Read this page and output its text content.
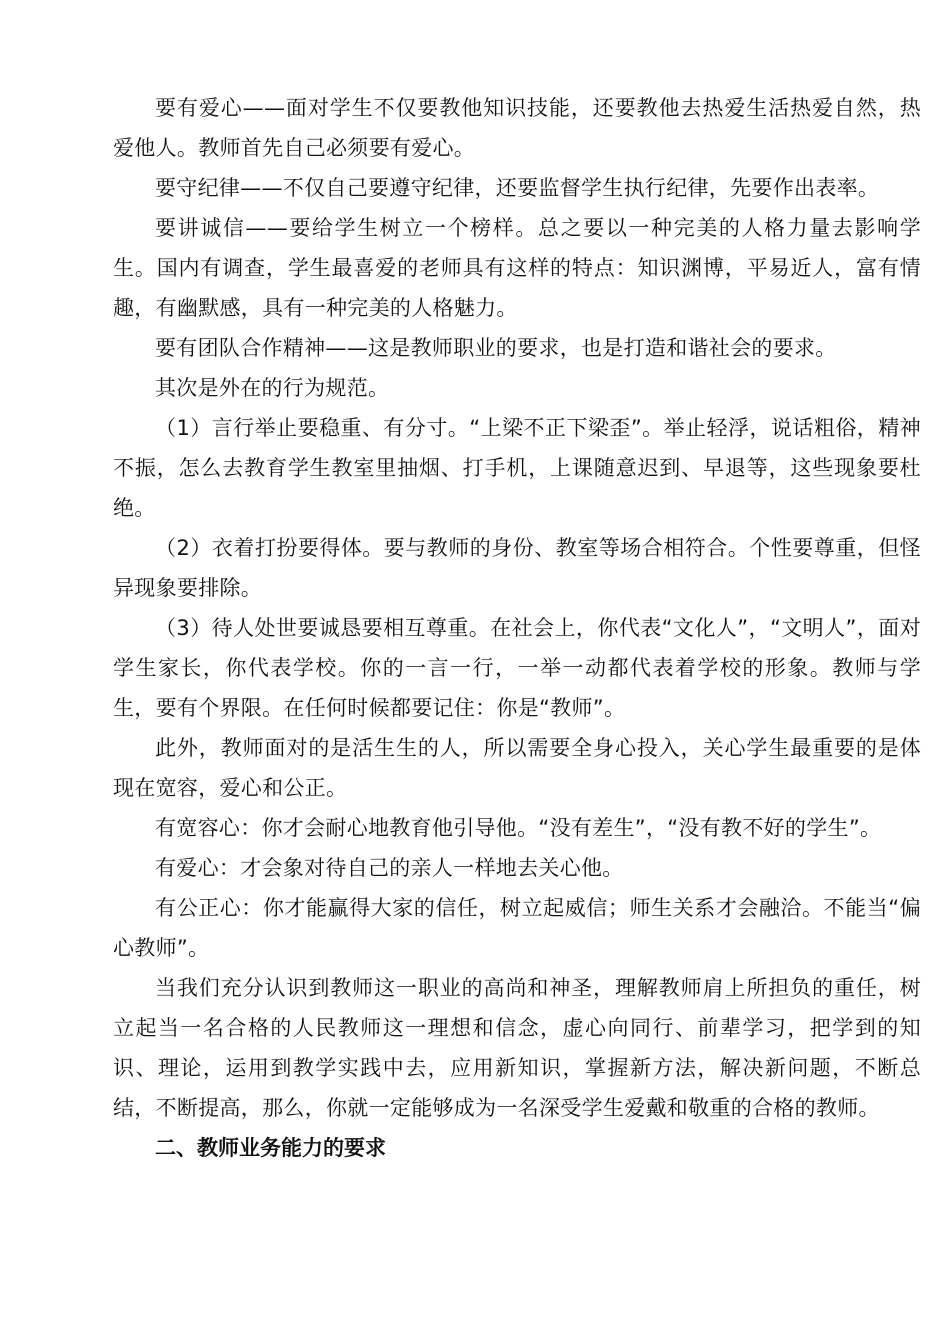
要有爱心——面对学生不仅要教他知识技能，还要教他去热爱生活热爱自然，热爱他人。教师首先自己必须要有爱心。

要守纪律——不仅自己要遵守纪律，还要监督学生执行纪律，先要作出表率。

要讲诚信——要给学生树立一个榜样。总之要以一种完美的人格力量去影响学生。国内有调查，学生最喜爱的老师具有这样的特点：知识渊博，平易近人，富有情趣，有幽默感，具有一种完美的人格魅力。

要有团队合作精神——这是教师职业的要求，也是打造和谐社会的要求。

其次是外在的行为规范。

（1）言行举止要稳重、有分寸。“上梁不正下梁歪”。举止轻浮，说话粗俗，精神不振，怎么去教育学生教室里抽烟、打手机，上课随意迟到、早退等，这些现象要杜绝。

（2）衣着打扮要得体。要与教师的身份、教室等场合相符合。个性要尊重，但怪异现象要排除。

（3）待人处世要诚恳要相互尊重。在社会上，你代表“文化人”，“文明人”，面对学生家长，你代表学校。你的一言一行，一举一动都代表着学校的形象。教师与学生，要有个界限。在任何时候都要记住：你是“教师”。

此外，教师面对的是活生生的人，所以需要全身心投入，关心学生最重要的是体现在宽容，爱心和公正。

有宽容心：你才会耐心地教育他引导他。“没有差生”，“没有教不好的学生”。

有爱心：才会象对待自己的亲人一样地去关心他。

有公正心：你才能赢得大家的信任，树立起威信；师生关系才会融洽。不能当“偏心教师”。

当我们充分认识到教师这一职业的高尚和神圣，理解教师肩上所担负的重任，树立起当一名合格的人民教师这一理想和信念，虚心向同行、前辈学习，把学到的知识、理论，运用到教学实践中去，应用新知识，掌握新方法，解决新问题，不断总结，不断提高，那么，你就一定能够成为一名深受学生爱戴和敬重的合格的教师。

二、教师业务能力的要求
